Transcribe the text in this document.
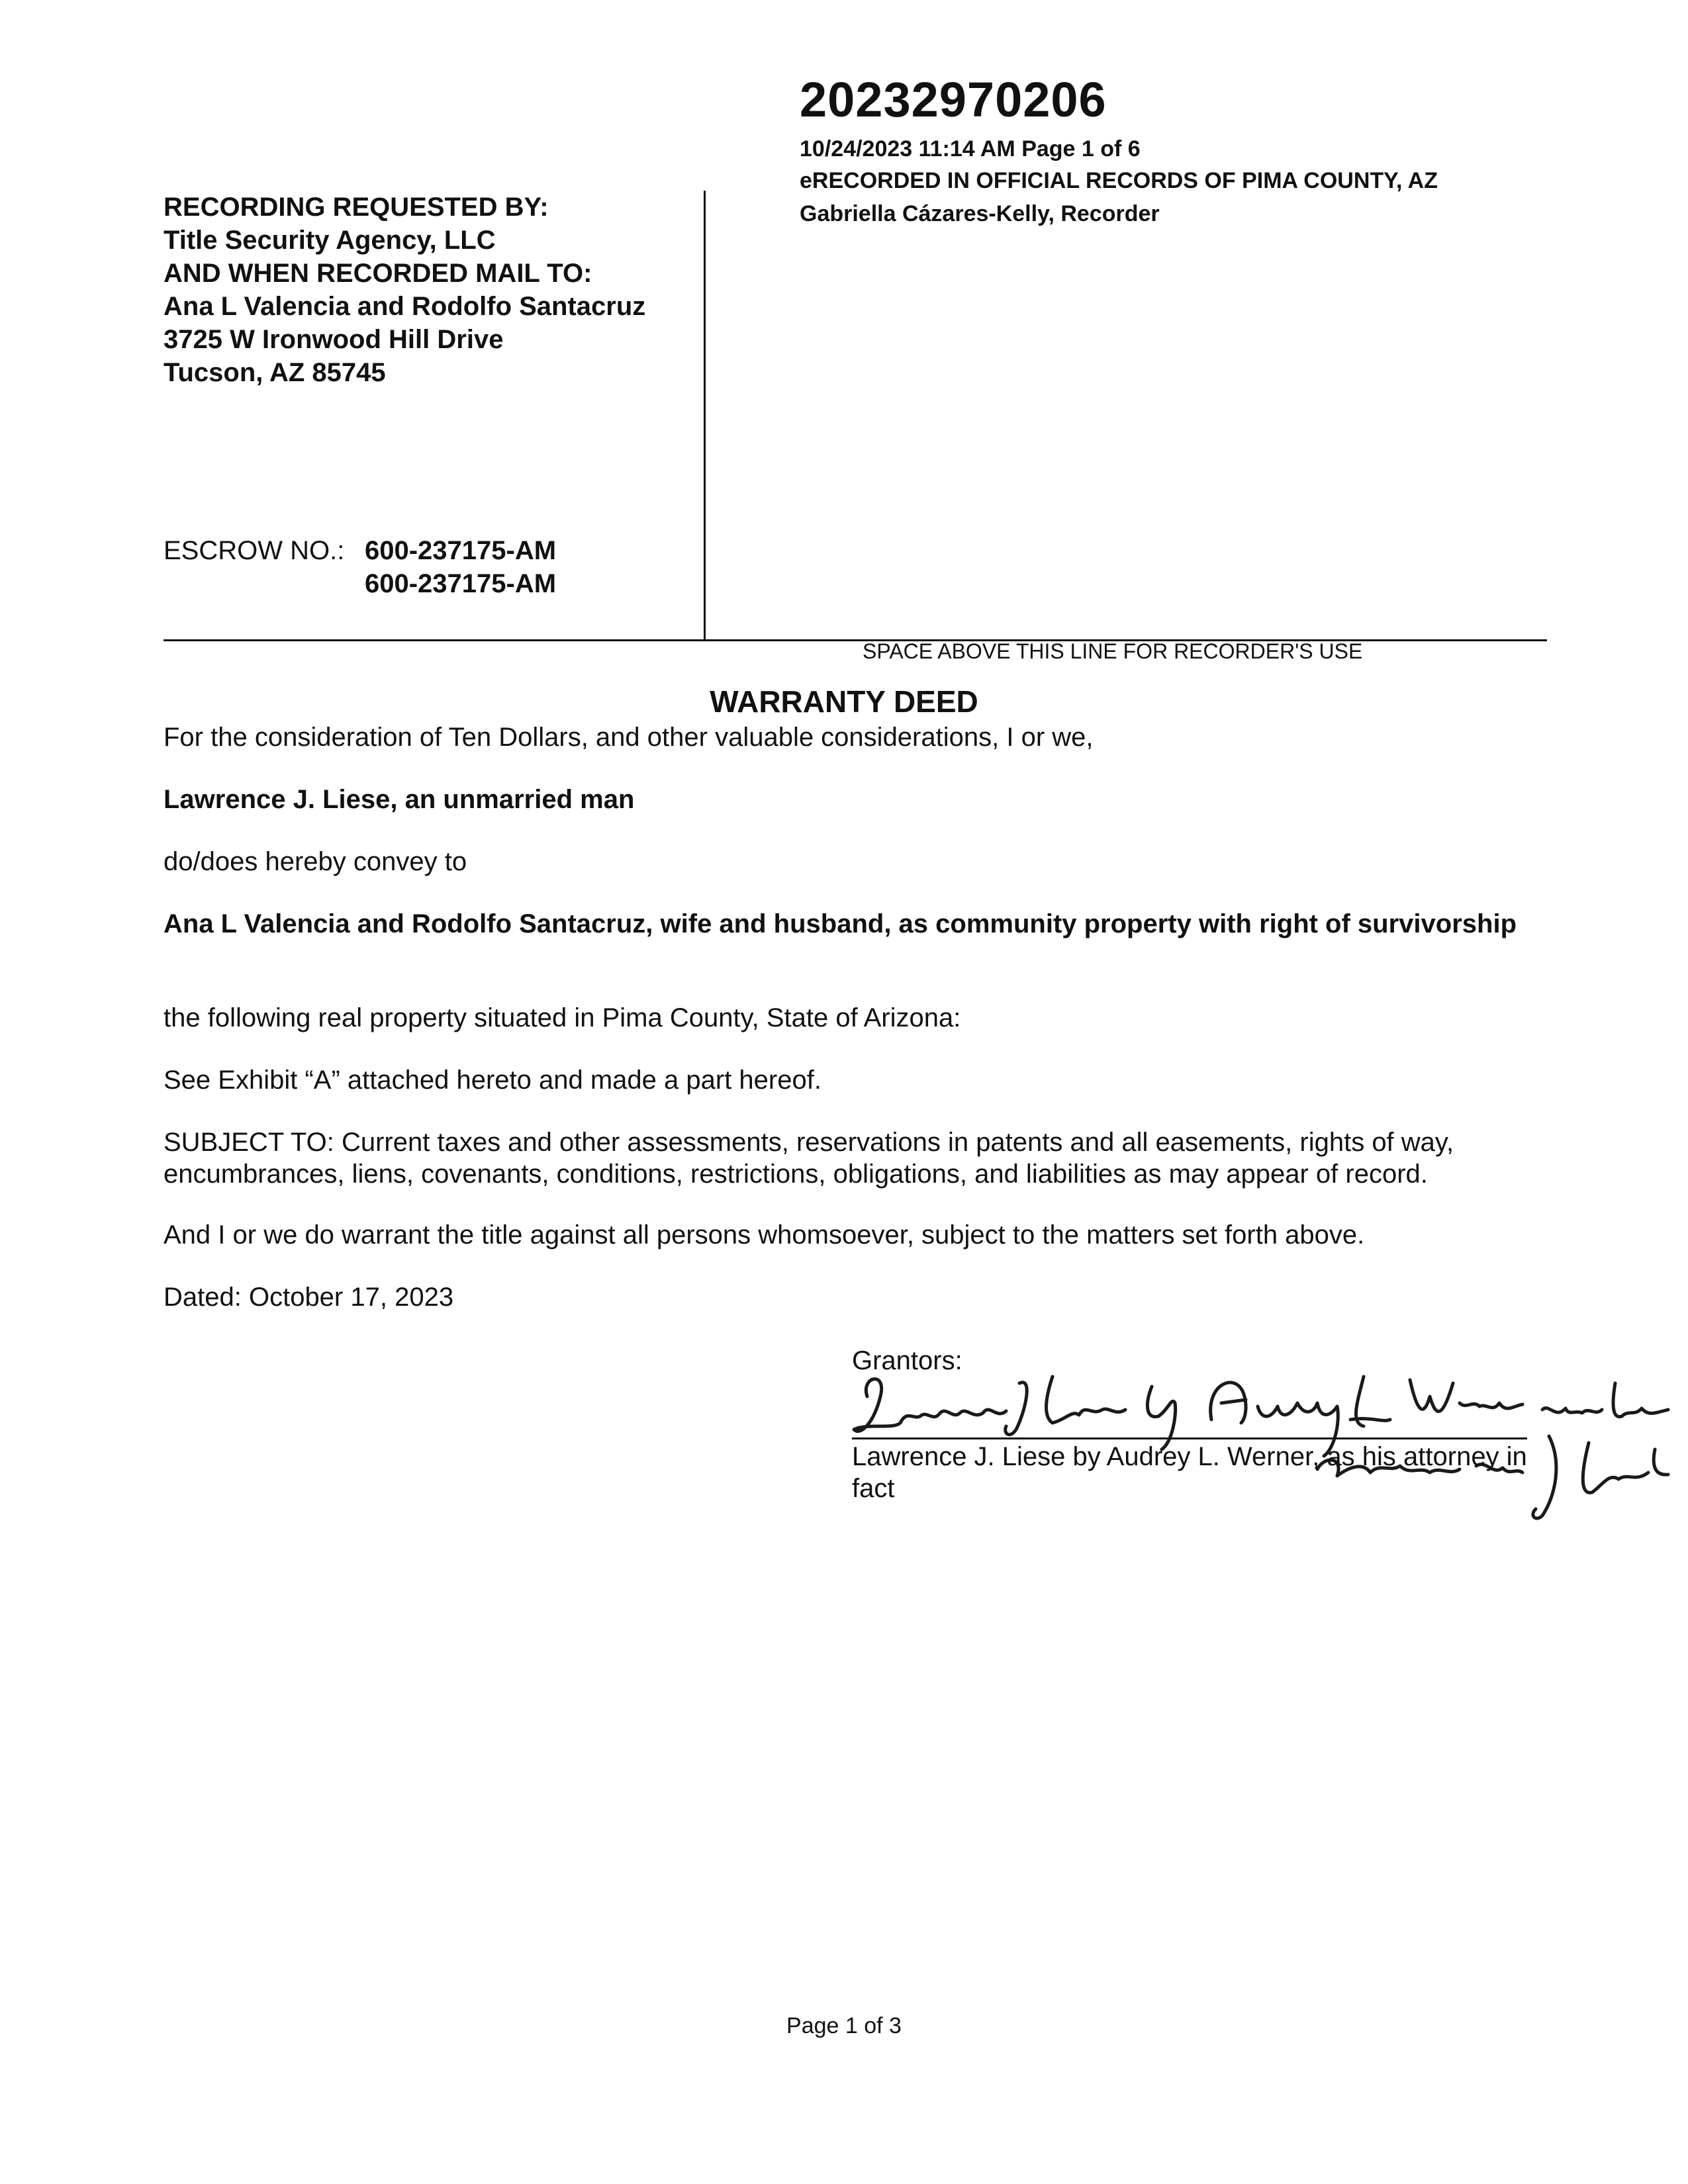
20232970206
10/24/2023 11:14 AM Page 1 of 6
eRECORDED IN OFFICIAL RECORDS OF PIMA COUNTY, AZ
Gabriella Cázares-Kelly, Recorder
RECORDING REQUESTED BY:
Title Security Agency, LLC
AND WHEN RECORDED MAIL TO:
Ana L Valencia and Rodolfo Santacruz
3725 W Ironwood Hill Drive
Tucson, AZ 85745
ESCROW NO.: 600-237175-AM
600-237175-AM
SPACE ABOVE THIS LINE FOR RECORDER'S USE
WARRANTY DEED
For the consideration of Ten Dollars, and other valuable considerations, I or we,
Lawrence J. Liese, an unmarried man
do/does hereby convey to
Ana L Valencia and Rodolfo Santacruz, wife and husband, as community property with right of survivorship
the following real property situated in Pima County, State of Arizona:
See Exhibit “A” attached hereto and made a part hereof.
SUBJECT TO: Current taxes and other assessments, reservations in patents and all easements, rights of way, encumbrances, liens, covenants, conditions, restrictions, obligations, and liabilities as may appear of record.
And I or we do warrant the title against all persons whomsoever, subject to the matters set forth above.
Dated: October 17, 2023
Grantors:
Lawrence J. Liese by Audrey L. Werner, as his attorney in fact
Page 1 of 3
